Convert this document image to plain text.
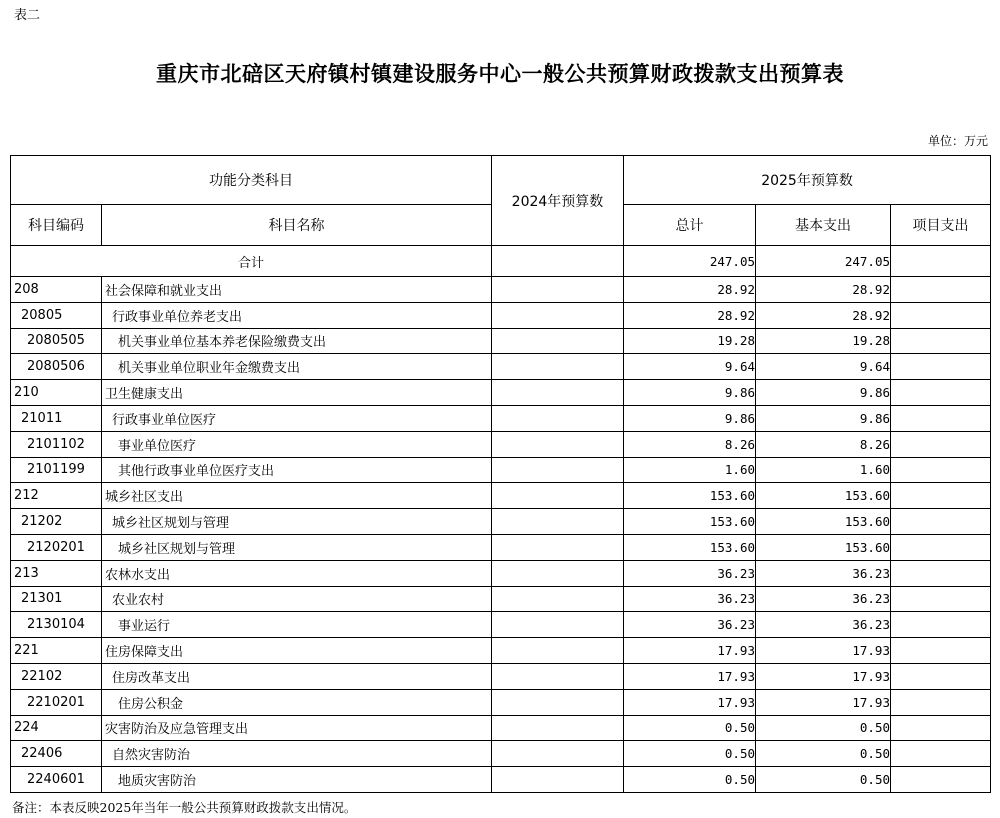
表二
重庆市北碚区天府镇村镇建设服务中心一般公共预算财政拨款支出预算表
单位：万元
功能分类科目		2024年预算数	2025年预算数		
科目编码	科目名称		总计	基本支出	项目支出
合计			247.05	247.05	
208	社会保障和就业支出		28.92	28.92	
20805	行政事业单位养老支出		28.92	28.92	
2080505	机关事业单位基本养老保险缴费支出		19.28	19.28	
2080506	机关事业单位职业年金缴费支出		9.64	9.64	
210	卫生健康支出		9.86	9.86	
21011	行政事业单位医疗		9.86	9.86	
2101102	事业单位医疗		8.26	8.26	
2101199	其他行政事业单位医疗支出		1.60	1.60	
212	城乡社区支出		153.60	153.60	
21202	城乡社区规划与管理		153.60	153.60	
2120201	城乡社区规划与管理		153.60	153.60	
213	农林水支出		36.23	36.23	
21301	农业农村		36.23	36.23	
2130104	事业运行		36.23	36.23	
221	住房保障支出		17.93	17.93	
22102	住房改革支出		17.93	17.93	
2210201	住房公积金		17.93	17.93	
224	灾害防治及应急管理支出		0.50	0.50	
22406	自然灾害防治		0.50	0.50	
2240601	地质灾害防治		0.50	0.50	
备注：本表反映2025年当年一般公共预算财政拨款支出情况。
